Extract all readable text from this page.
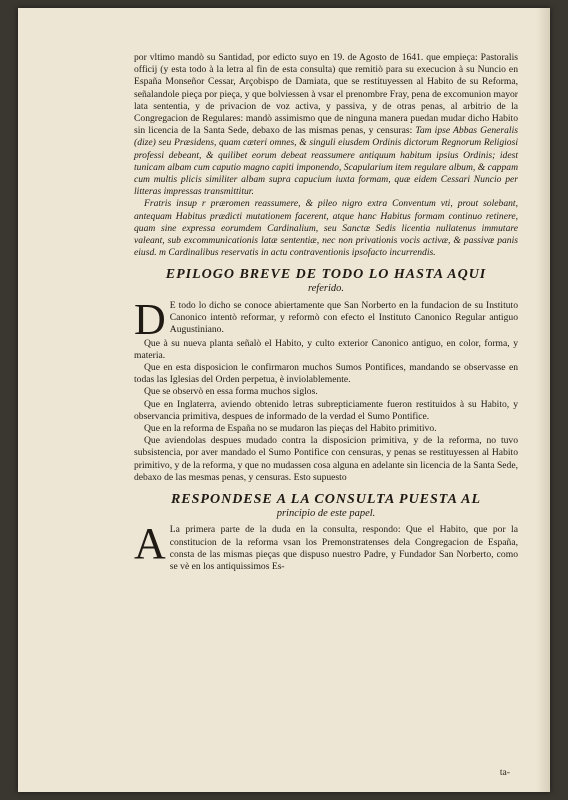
por vltimo mandò su Santidad, por edicto suyo en 19. de Agosto de 1641. que empieça: Pastoralis officij (y esta todo à la letra al fin de esta consulta) que remitiò para su execucion à su Nuncio en España Monseñor Cessar, Arçobispo de Damiata, que se restituyessen al Habito de su Reforma, señalandole pieça por pieça, y que bolviessen à vsar el prenombre Fray, pena de excomunion mayor lata sententia, y de privacion de voz activa, y passiva, y de otras penas, al arbitrio de la Congregacion de Regulares: mandò assimismo que de ninguna manera puedan mudar dicho Habito sin licencia de la Santa Sede, debaxo de las mismas penas, y censuras: Tam ipse Abbas Generalis (dize) seu Præsidens, quam cæteri omnes, & singuli eiusdem Ordinis dictorum Regnorum Religiosi professi debeant, & quilibet eorum debeat reassumere antiquum habitum ipsius Ordinis; idest tunicam albam cum caputio magno capiti imponendo, Scapularium item regulare album, & cappam cum multis plicis similiter albam supra capucium iuxta formam, quæ eidem Cessari Nuncio per litteras impressas transmittitur.

Fratris insup r præromen reassumere, & pileo nigro extra Conventum vti, prout solebant, antequam Habitus prædicti mutationem facerent, atque hanc Habitus formam continuo retinere, quam sine expressa eorumdem Cardinalium, seu Sanctæ Sedis licentia nullatenus immutare valeant, sub excommunicationis latæ sententiæ, nec non privationis vocis activæ, & passivæ panis eiusd. m Cardinalibus reservatis in actu contraventionis ipsofacto incurrendis.

EPILOGO BREVE DE TODO LO HASTA AQUI

referido.

D E todo lo dicho se conoce abiertamente que San Norberto en la fundacion de su Instituto Canonico intentò reformar, y reformò con efecto el Instituto Canonico Regular antiguo Augustiniano.

Que à su nueva planta señalò el Habito, y culto exterior Canonico antiguo, en color, forma, y materia.

Que en esta disposicion le confirmaron muchos Sumos Pontifices, mandando se observasse en todas las Iglesias del Orden perpetua, è inviolablemente.

Que se observò en essa forma muchos siglos.

Que en Inglaterra, aviendo obtenido letras subrepticiamente fueron restituidos à su Habito, y observancia primitiva, despues de informado de la verdad el Sumo Pontifice.

Que en la reforma de España no se mudaron las pieças del Habito primitivo.

Que aviendolas despues mudado contra la disposicion primitiva, y de la reforma, no tuvo subsistencia, por aver mandado el Sumo Pontifice con censuras, y penas se restituyessen al Habito primitivo, y de la reforma, y que no mudassen cosa alguna en adelante sin licencia de la Santa Sede, debaxo de las mesmas penas, y censuras. Esto supuesto

RESPONDESE A LA CONSULTA PUESTA AL

principio de este papel.

A La primera parte de la duda en la consulta, respondo: Que el Habito, que por la constitucion de la reforma vsan los Premonstratenses dela Congregacion de España, consta de las mismas pieças que dispuso nuestro Padre, y Fundador San Norberto, como se vè en los antiquissimos Es-

ta-
